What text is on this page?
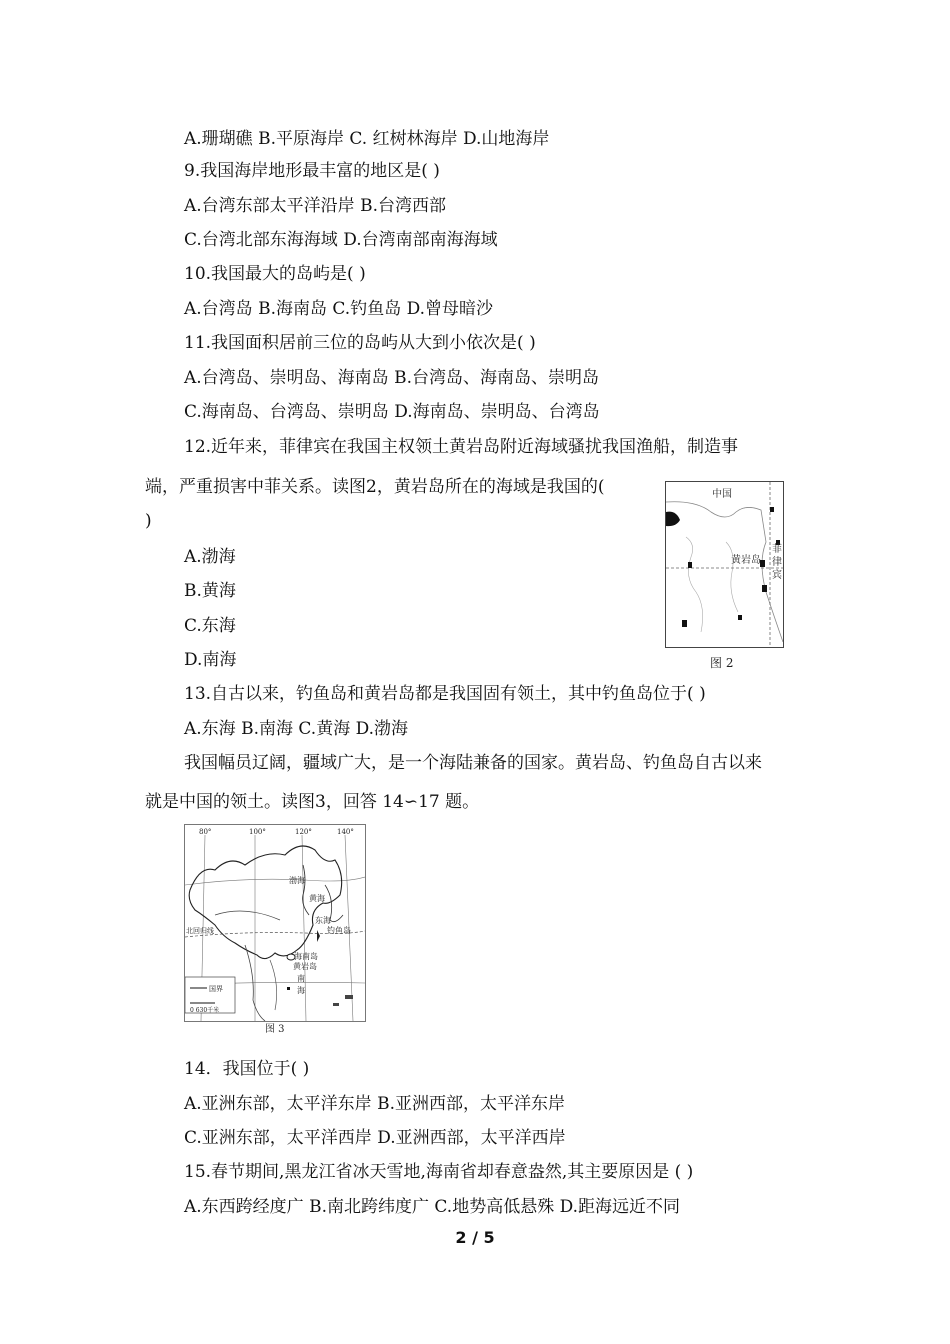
A.珊瑚礁 B.平原海岸 C. 红树林海岸 D.山地海岸
9.我国海岸地形最丰富的地区是( )
A.台湾东部太平洋沿岸 B.台湾西部
C.台湾北部东海海域 D.台湾南部南海海域
10.我国最大的岛屿是( )
A.台湾岛 B.海南岛 C.钓鱼岛 D.曾母暗沙
11.我国面积居前三位的岛屿从大到小依次是( )
A.台湾岛、崇明岛、海南岛 B.台湾岛、海南岛、崇明岛
C.海南岛、台湾岛、崇明岛 D.海南岛、崇明岛、台湾岛
12.近年来，菲律宾在我国主权领土黄岩岛附近海域骚扰我国渔船，制造事
端，严重损害中菲关系。读图2，黄岩岛所在的海域是我国的(
)
A.渤海
B.黄海
C.东海
D.南海
13.自古以来，钓鱼岛和黄岩岛都是我国固有领土，其中钓鱼岛位于( )
A.东海 B.南海 C.黄海 D.渤海
我国幅员辽阔，疆域广大，是一个海陆兼备的国家。黄岩岛、钓鱼岛自古以来
就是中国的领土。读图3，回答 14∽17 题。
14．我国位于( )
A.亚洲东部，太平洋东岸 B.亚洲西部，太平洋东岸
C.亚洲东部，太平洋西岸 D.亚洲西部，太平洋西岸
15.春节期间,黑龙江省冰天雪地,海南省却春意盎然,其主要原因是 ( )
A.东西跨经度广 B.南北跨纬度广 C.地势高低悬殊 D.距海远近不同
中国
黄岩岛
菲
律
宾
图 2
80°	100°	120°	140°
渤海
黄海
东海
钓鱼岛
海南岛
黄岩岛
南
海
北回归线
国界
0 630千米
图 3
2 / 5
